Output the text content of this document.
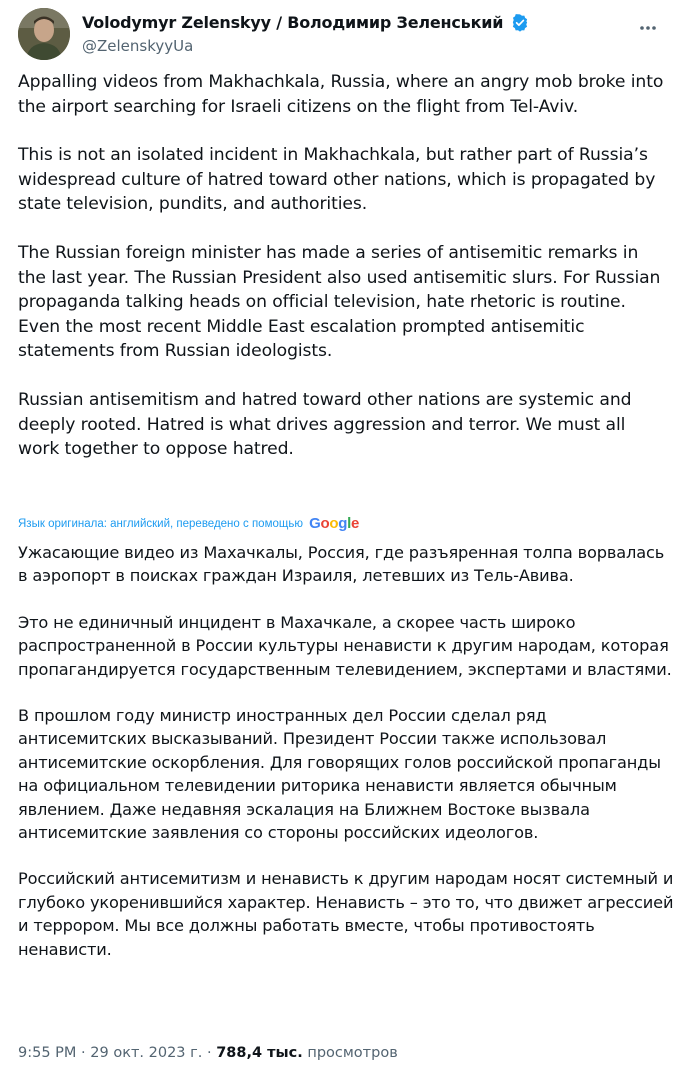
Volodymyr Zelenskyy / Володимир Зеленський
@ZelenskyyUa

Appalling videos from Makhachkala, Russia, where an angry mob broke into the airport searching for Israeli citizens on the flight from Tel-Aviv.

This is not an isolated incident in Makhachkala, but rather part of Russia’s widespread culture of hatred toward other nations, which is propagated by state television, pundits, and authorities.

The Russian foreign minister has made a series of antisemitic remarks in the last year. The Russian President also used antisemitic slurs. For Russian propaganda talking heads on official television, hate rhetoric is routine. Even the most recent Middle East escalation prompted antisemitic statements from Russian ideologists.

Russian antisemitism and hatred toward other nations are systemic and deeply rooted. Hatred is what drives aggression and terror. We must all work together to oppose hatred.

Язык оригинала: английский, переведено с помощью Google

Ужасающие видео из Махачкалы, Россия, где разъяренная толпа ворвалась в аэропорт в поисках граждан Израиля, летевших из Тель-Авива.

Это не единичный инцидент в Махачкале, а скорее часть широко распространенной в России культуры ненависти к другим народам, которая пропагандируется государственным телевидением, экспертами и властями.

В прошлом году министр иностранных дел России сделал ряд антисемитских высказываний. Президент России также использовал антисемитские оскорбления. Для говорящих голов российской пропаганды на официальном телевидении риторика ненависти является обычным явлением. Даже недавняя эскалация на Ближнем Востоке вызвала антисемитские заявления со стороны российских идеологов.

Российский антисемитизм и ненависть к другим народам носят системный и глубоко укоренившийся характер. Ненависть – это то, что движет агрессией и террором. Мы все должны работать вместе, чтобы противостоять ненависти.

9:55 PM · 29 окт. 2023 г. · 788,4 тыс. просмотров
